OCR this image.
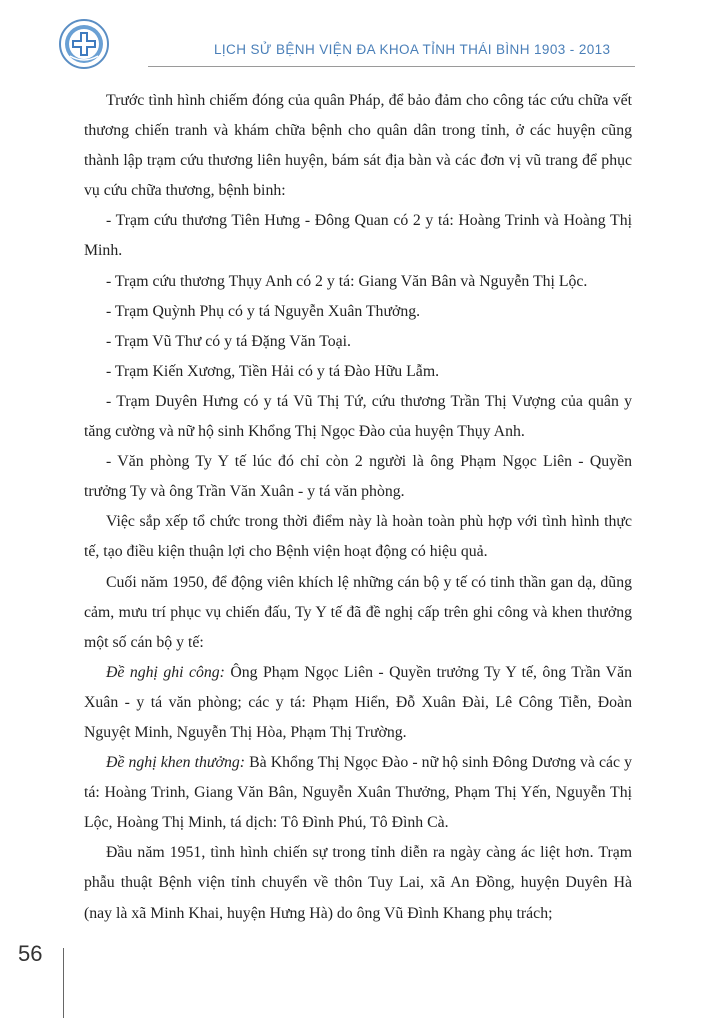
LỊCH SỬ BỆNH VIỆN ĐA KHOA TỈNH THÁI BÌNH 1903 - 2013

Trước tình hình chiếm đóng của quân Pháp, để bảo đảm cho công tác cứu chữa vết thương chiến tranh và khám chữa bệnh cho quân dân trong tỉnh, ở các huyện cũng thành lập trạm cứu thương liên huyện, bám sát địa bàn và các đơn vị vũ trang để phục vụ cứu chữa thương, bệnh binh:

- Trạm cứu thương Tiên Hưng - Đông Quan có 2 y tá: Hoàng Trinh và Hoàng Thị Minh.

- Trạm cứu thương Thụy Anh có 2 y tá: Giang Văn Bân và Nguyễn Thị Lộc.

- Trạm Quỳnh Phụ có y tá Nguyễn Xuân Thưởng.

- Trạm Vũ Thư có y tá Đặng Văn Toại.

- Trạm Kiến Xương, Tiền Hải có y tá Đào Hữu Lẫm.

- Trạm Duyên Hưng có y tá Vũ Thị Tứ, cứu thương Trần Thị Vượng của quân y tăng cường và nữ hộ sinh Khổng Thị Ngọc Đào của huyện Thụy Anh.

- Văn phòng Ty Y tế lúc đó chỉ còn 2 người là ông Phạm Ngọc Liên - Quyền trưởng Ty và ông Trần Văn Xuân - y tá văn phòng.

Việc sắp xếp tổ chức trong thời điểm này là hoàn toàn phù hợp với tình hình thực tế, tạo điều kiện thuận lợi cho Bệnh viện hoạt động có hiệu quả.

Cuối năm 1950, để động viên khích lệ những cán bộ y tế có tinh thần gan dạ, dũng cảm, mưu trí phục vụ chiến đấu, Ty Y tế đã đề nghị cấp trên ghi công và khen thưởng một số cán bộ y tế:

Đề nghị ghi công: Ông Phạm Ngọc Liên - Quyền trưởng Ty Y tế, ông Trần Văn Xuân - y tá văn phòng; các y tá: Phạm Hiển, Đỗ Xuân Đài, Lê Công Tiễn, Đoàn Nguyệt Minh, Nguyễn Thị Hòa, Phạm Thị Trường.

Đề nghị khen thưởng: Bà Khổng Thị Ngọc Đào - nữ hộ sinh Đông Dương và các y tá: Hoàng Trinh, Giang Văn Bân, Nguyễn Xuân Thưởng, Phạm Thị Yến, Nguyễn Thị Lộc, Hoàng Thị Minh, tá dịch: Tô Đình Phú, Tô Đình Cà.

Đầu năm 1951, tình hình chiến sự trong tỉnh diễn ra ngày càng ác liệt hơn. Trạm phẫu thuật Bệnh viện tỉnh chuyển về thôn Tuy Lai, xã An Đồng, huyện Duyên Hà (nay là xã Minh Khai, huyện Hưng Hà) do ông Vũ Đình Khang phụ trách;

56
